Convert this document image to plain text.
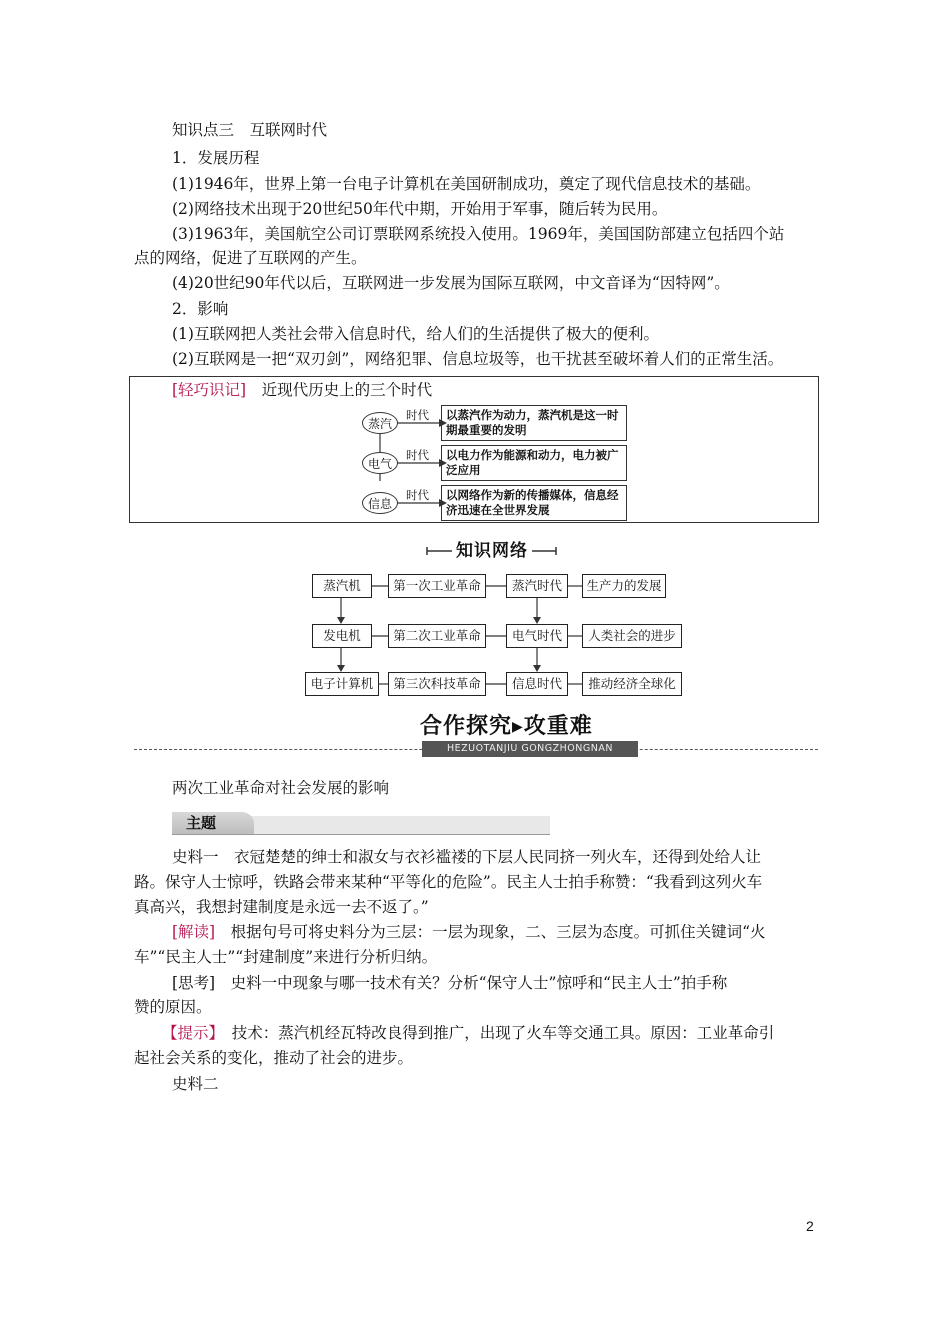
知识点三　互联网时代
1．发展历程
(1)1946年，世界上第一台电子计算机在美国研制成功，奠定了现代信息技术的基础。
(2)网络技术出现于20世纪50年代中期，开始用于军事，随后转为民用。
(3)1963年，美国航空公司订票联网系统投入使用。1969年，美国国防部建立包括四个站
点的网络，促进了互联网的产生。
(4)20世纪90年代以后，互联网进一步发展为国际互联网，中文音译为“因特网”。
2．影响
(1)互联网把人类社会带入信息时代，给人们的生活提供了极大的便利。
(2)互联网是一把“双刃剑”，网络犯罪、信息垃圾等，也干扰甚至破坏着人们的正常生活。
[轻巧识记]　 近现代历史上的三个时代
蒸汽
电气
信息
时代
时代
时代
以蒸汽作为动力，蒸汽机是这一时期最重要的发明
以电力作为能源和动力，电力被广泛应用
以网络作为新的传播媒体，信息经济迅速在全世界发展
知识网络
蒸汽机	第一次工业革命	蒸汽时代	生产力的发展
发电机	第二次工业革命	电气时代	人类社会的进步
电子计算机	第三次科技革命	信息时代	推动经济全球化
合作探究▶攻重难
HEZUOTANJIU GONGZHONGNAN
两次工业革命对社会发展的影响
主题
史料一　衣冠楚楚的绅士和淑女与衣衫褴褛的下层人民同挤一列火车，还得到处给人让
路。保守人士惊呼，铁路会带来某种“平等化的危险”。民主人士拍手称赞：“我看到这列火车
真高兴，我想封建制度是永远一去不返了。”
[解读]　根据句号可将史料分为三层：一层为现象，二、三层为态度。可抓住关键词“火
车”“民主人士”“封建制度”来进行分析归纳。
[思考]　史料一中现象与哪一技术有关？分析“保守人士”惊呼和“民主人士”拍手称
赞的原因。
【提示】　技术：蒸汽机经瓦特改良得到推广，出现了火车等交通工具。原因：工业革命引
起社会关系的变化，推动了社会的进步。
史料二
2
